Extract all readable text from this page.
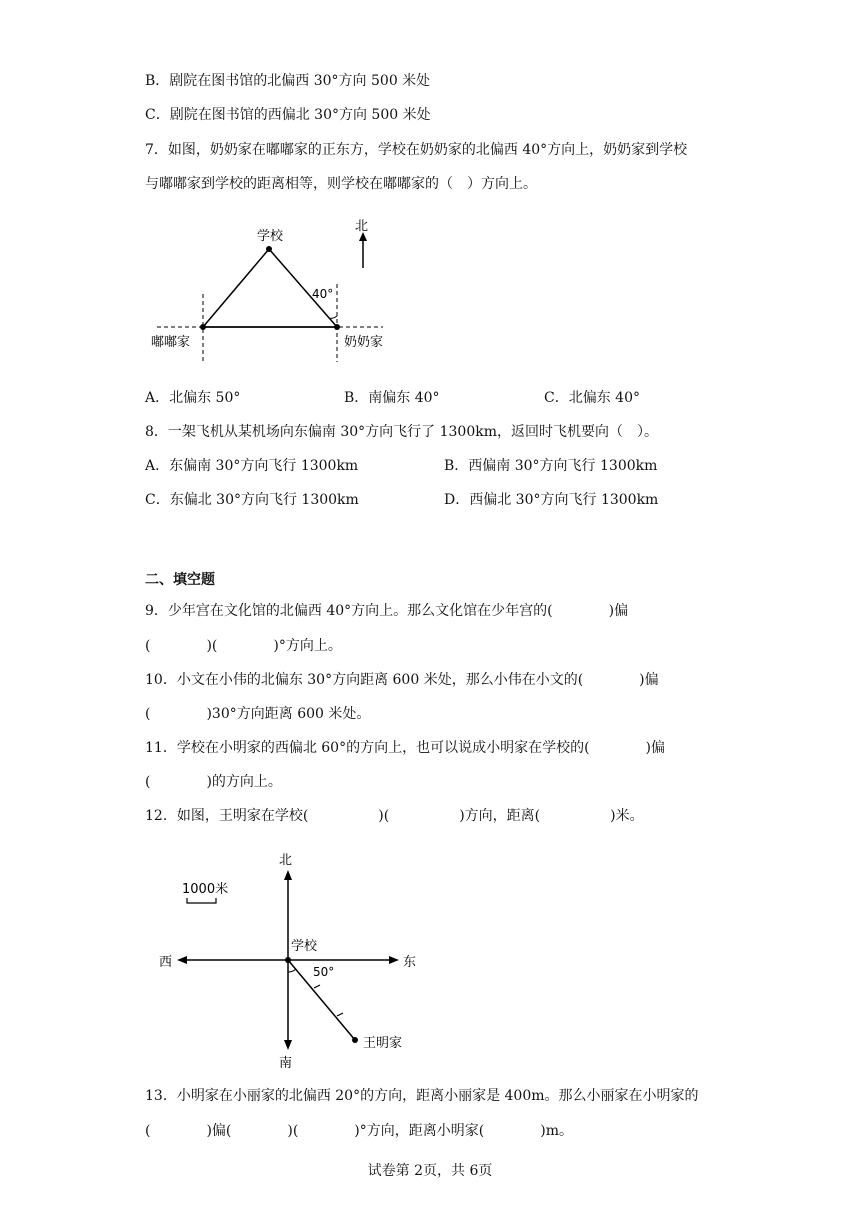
B．剧院在图书馆的北偏西 30°方向 500 米处
C．剧院在图书馆的西偏北 30°方向 500 米处
7．如图，奶奶家在嘟嘟家的正东方，学校在奶奶家的北偏西 40°方向上，奶奶家到学校
与嘟嘟家到学校的距离相等，则学校在嘟嘟家的（　）方向上。
北
学校
40°
嘟嘟家	奶奶家
A．北偏东 50°	B．南偏东 40°	C．北偏东 40°
8．一架飞机从某机场向东偏南 30°方向飞行了 1300km，返回时飞机要向（　）。
A．东偏南 30°方向飞行 1300km	B．西偏南 30°方向飞行 1300km
C．东偏北 30°方向飞行 1300km	D．西偏北 30°方向飞行 1300km
二、填空题
9．少年宫在文化馆的北偏西 40°方向上。那么文化馆在少年宫的(　　　　)偏
(　　　　)(　　　　)°方向上。
10．小文在小伟的北偏东 30°方向距离 600 米处，那么小伟在小文的(　　　　)偏
(　　　　)30°方向距离 600 米处。
11．学校在小明家的西偏北 60°的方向上，也可以说成小明家在学校的(　　　　)偏
(　　　　)的方向上。
12．如图，王明家在学校(　　　　　)(　　　　　)方向，距离(　　　　　)米。
1000米
北
南
西	东
学校
50°
王明家
13．小明家在小丽家的北偏西 20°的方向，距离小丽家是 400m。那么小丽家在小明家的
(　　　　)偏(　　　　)(　　　　)°方向，距离小明家(　　　　)m。
试卷第 2页，共 6页
